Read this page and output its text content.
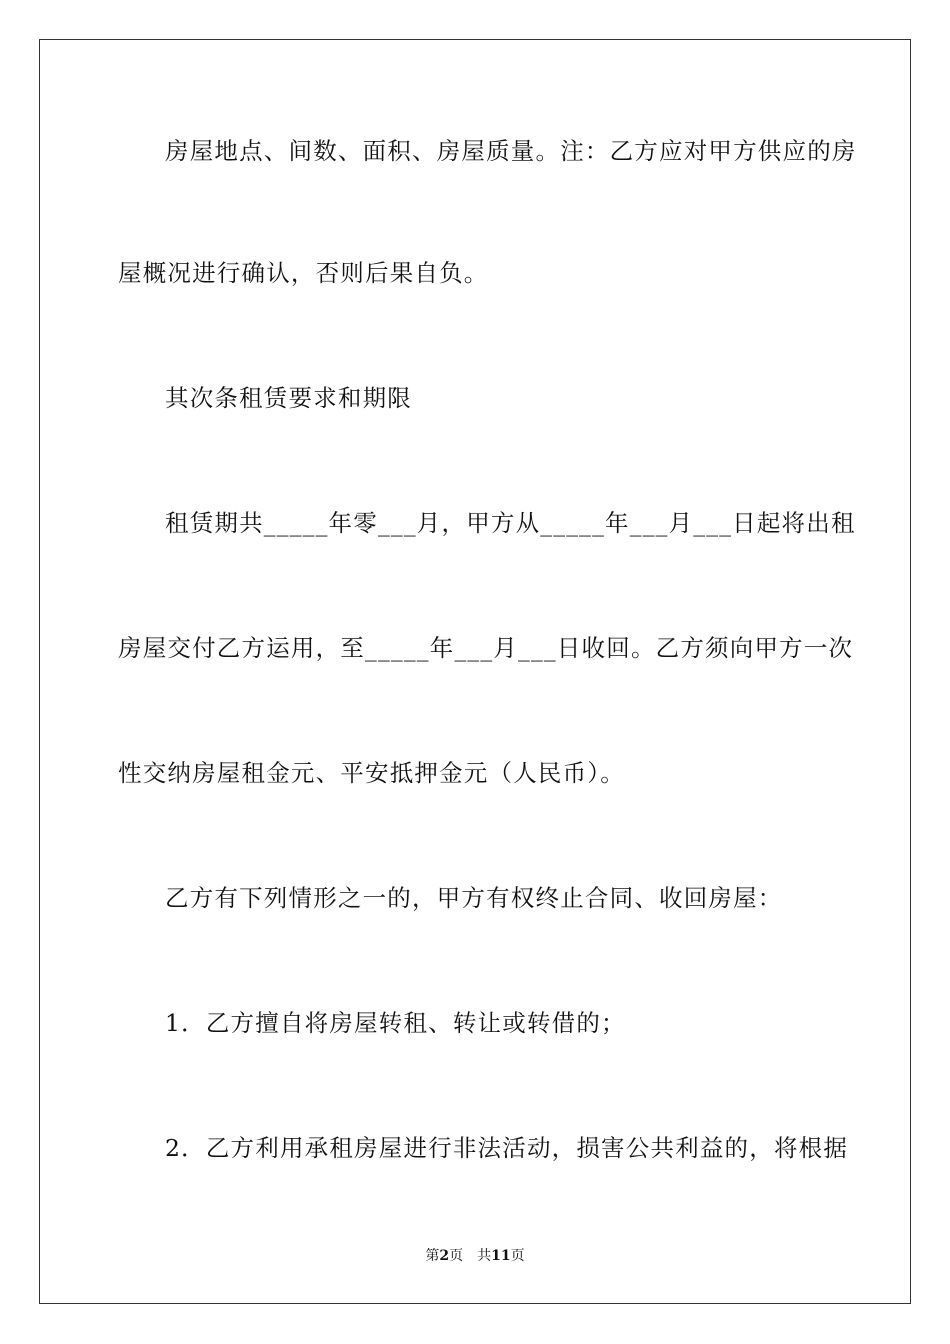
房屋地点、间数、面积、房屋质量。注：乙方应对甲方供应的房
屋概况进行确认，否则后果自负。
其次条租赁要求和期限
租赁期共_____年零___月，甲方从_____年___月___日起将出租
房屋交付乙方运用，至_____年___月___日收回。乙方须向甲方一次
性交纳房屋租金元、平安抵押金元（人民币）。
乙方有下列情形之一的，甲方有权终止合同、收回房屋：
1．乙方擅自将房屋转租、转让或转借的；
2．乙方利用承租房屋进行非法活动，损害公共利益的，将根据
第2页 共11页
